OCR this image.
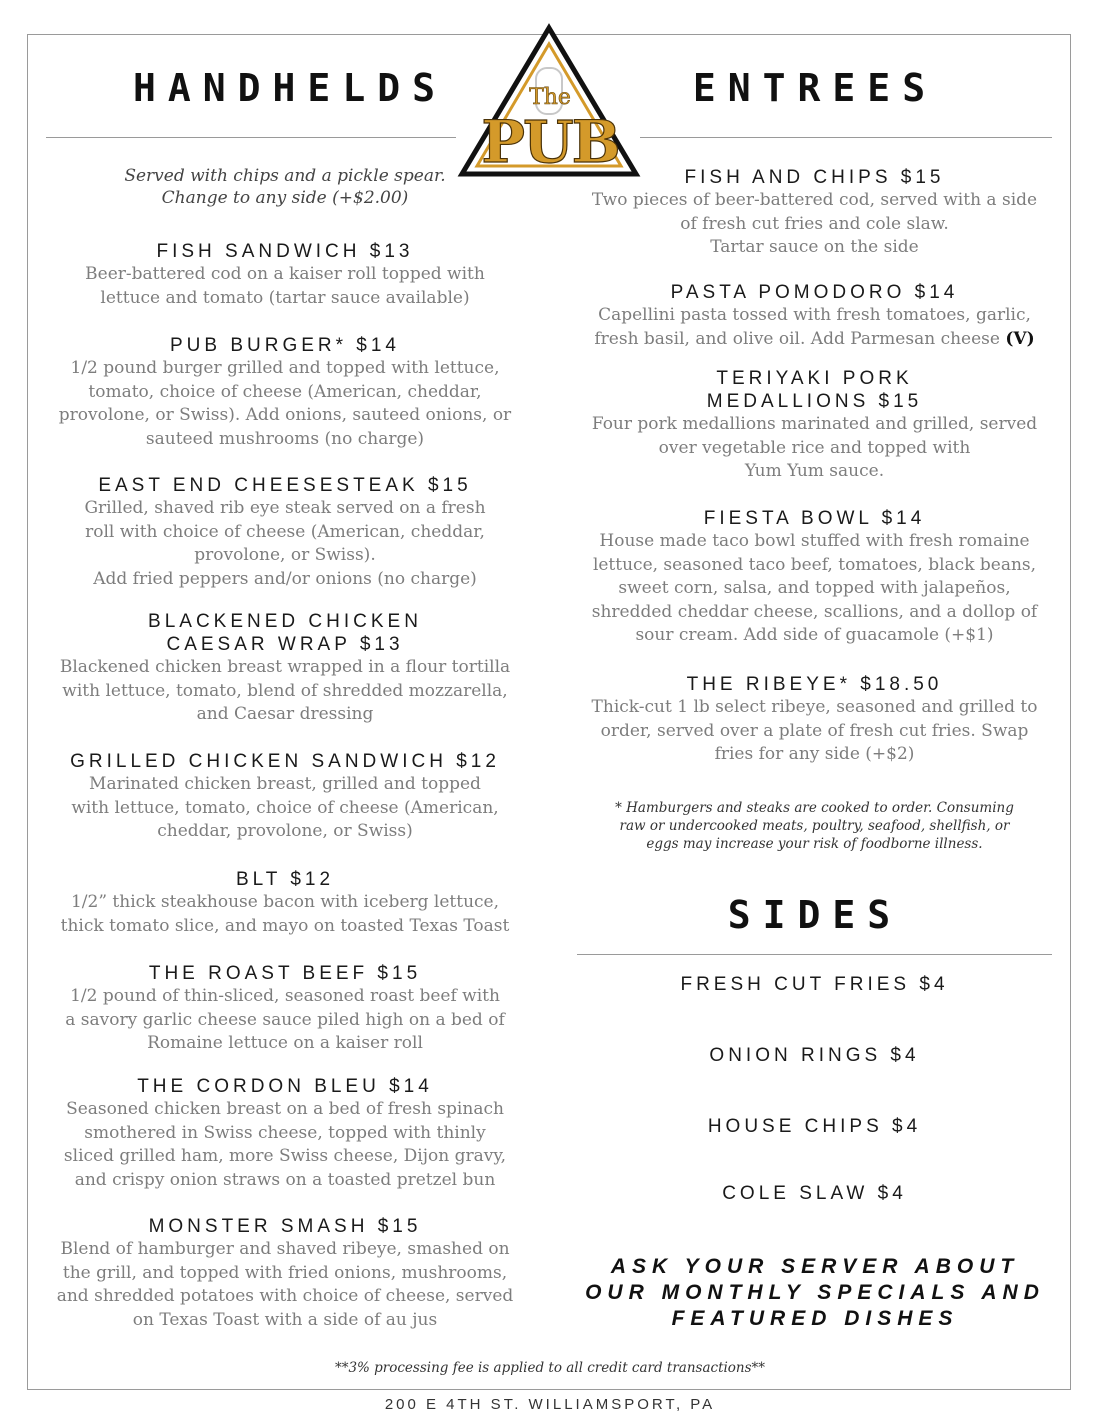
HANDHELDS	ENTREES
The
PUB
Served with chips and a pickle spear.
Change to any side (+$2.00)
FISH SANDWICH $13
Beer-battered cod on a kaiser roll topped with
lettuce and tomato (tartar sauce available)
PUB BURGER* $14
1/2 pound burger grilled and topped with lettuce,
tomato, choice of cheese (American, cheddar,
provolone, or Swiss). Add onions, sauteed onions, or
sauteed mushrooms (no charge)
EAST END CHEESESTEAK $15
Grilled, shaved rib eye steak served on a fresh
roll with choice of cheese (American, cheddar,
provolone, or Swiss).
Add fried peppers and/or onions (no charge)
BLACKENED CHICKEN
CAESAR WRAP $13
Blackened chicken breast wrapped in a flour tortilla
with lettuce, tomato, blend of shredded mozzarella,
and Caesar dressing
GRILLED CHICKEN SANDWICH $12
Marinated chicken breast, grilled and topped
with lettuce, tomato, choice of cheese (American,
cheddar, provolone, or Swiss)
BLT $12
1/2” thick steakhouse bacon with iceberg lettuce,
thick tomato slice, and mayo on toasted Texas Toast
THE ROAST BEEF $15
1/2 pound of thin-sliced, seasoned roast beef with
a savory garlic cheese sauce piled high on a bed of
Romaine lettuce on a kaiser roll
THE CORDON BLEU $14
Seasoned chicken breast on a bed of fresh spinach
smothered in Swiss cheese, topped with thinly
sliced grilled ham, more Swiss cheese, Dijon gravy,
and crispy onion straws on a toasted pretzel bun
MONSTER SMASH $15
Blend of hamburger and shaved ribeye, smashed on
the grill, and topped with fried onions, mushrooms,
and shredded potatoes with choice of cheese, served
on Texas Toast with a side of au jus
FISH AND CHIPS $15
Two pieces of beer-battered cod, served with a side
of fresh cut fries and cole slaw.
Tartar sauce on the side
PASTA POMODORO $14
Capellini pasta tossed with fresh tomatoes, garlic,
fresh basil, and olive oil. Add Parmesan cheese (V)
TERIYAKI PORK
MEDALLIONS $15
Four pork medallions marinated and grilled, served
over vegetable rice and topped with
Yum Yum sauce.
FIESTA BOWL $14
House made taco bowl stuffed with fresh romaine
lettuce, seasoned taco beef, tomatoes, black beans,
sweet corn, salsa, and topped with jalapeños,
shredded cheddar cheese, scallions, and a dollop of
sour cream. Add side of guacamole (+$1)
THE RIBEYE* $18.50
Thick-cut 1 lb select ribeye, seasoned and grilled to
order, served over a plate of fresh cut fries. Swap
fries for any side (+$2)
* Hamburgers and steaks are cooked to order. Consuming
raw or undercooked meats, poultry, seafood, shellfish, or
eggs may increase your risk of foodborne illness.
SIDES
FRESH CUT FRIES $4
ONION RINGS $4
HOUSE CHIPS $4
COLE SLAW $4
ASK YOUR SERVER ABOUT
OUR MONTHLY SPECIALS AND
FEATURED DISHES
**3% processing fee is applied to all credit card transactions**
200 E 4TH ST. WILLIAMSPORT, PA
